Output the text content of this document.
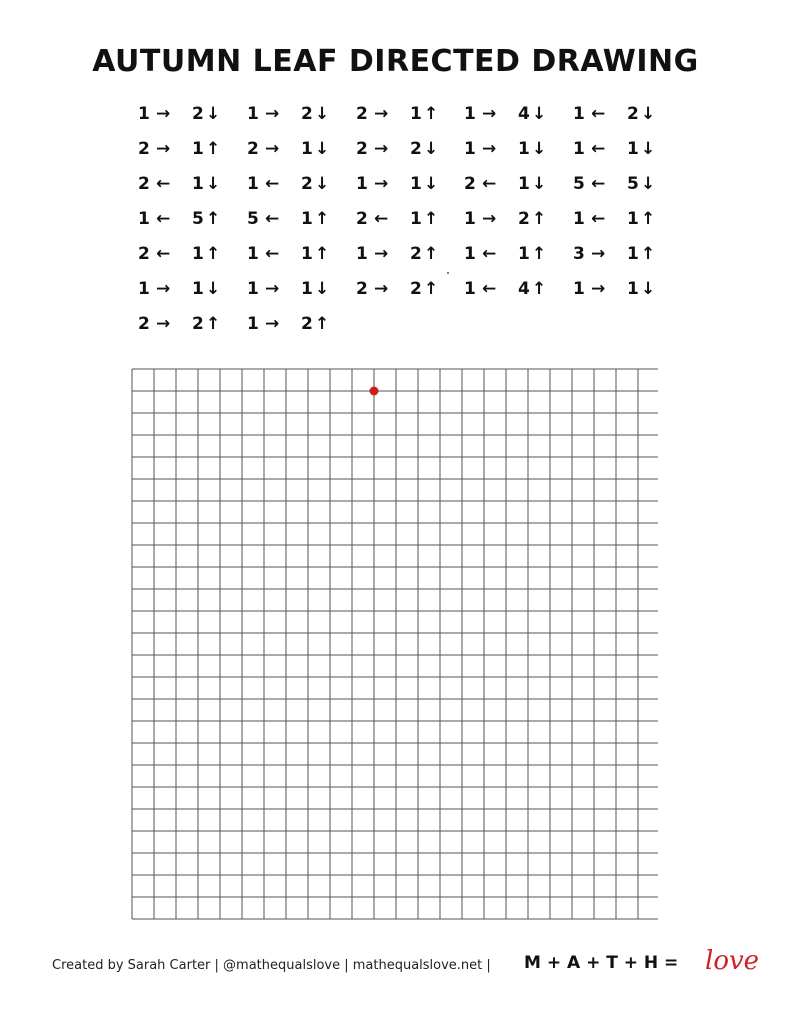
AUTUMN LEAF DIRECTED DRAWING
1 → 2 ↓	1 → 2 ↓	2 → 1 ↑	1 → 4 ↓	1 ← 2 ↓
2 → 1 ↑	2 → 1 ↓	2 → 2 ↓	1 → 1 ↓	1 ← 1 ↓
2 ← 1 ↓	1 ← 2 ↓	1 → 1 ↓	2 ← 1 ↓	5 ← 5 ↓
1 ← 5 ↑	5 ← 1 ↑	2 ← 1 ↑	1 → 2 ↑	1 ← 1 ↑
2 ← 1 ↑	1 ← 1 ↑	1 → 2 ↑	1 ← 1 ↑	3 → 1 ↑
1 → 1 ↓	1 → 1 ↓	2 → 2 ↑	1 ← 4 ↑	1 → 1 ↓
2 → 2 ↑	1 → 2 ↑
Created by Sarah Carter | @mathequalslove | mathequalslove.net | M + A + T + H = love
